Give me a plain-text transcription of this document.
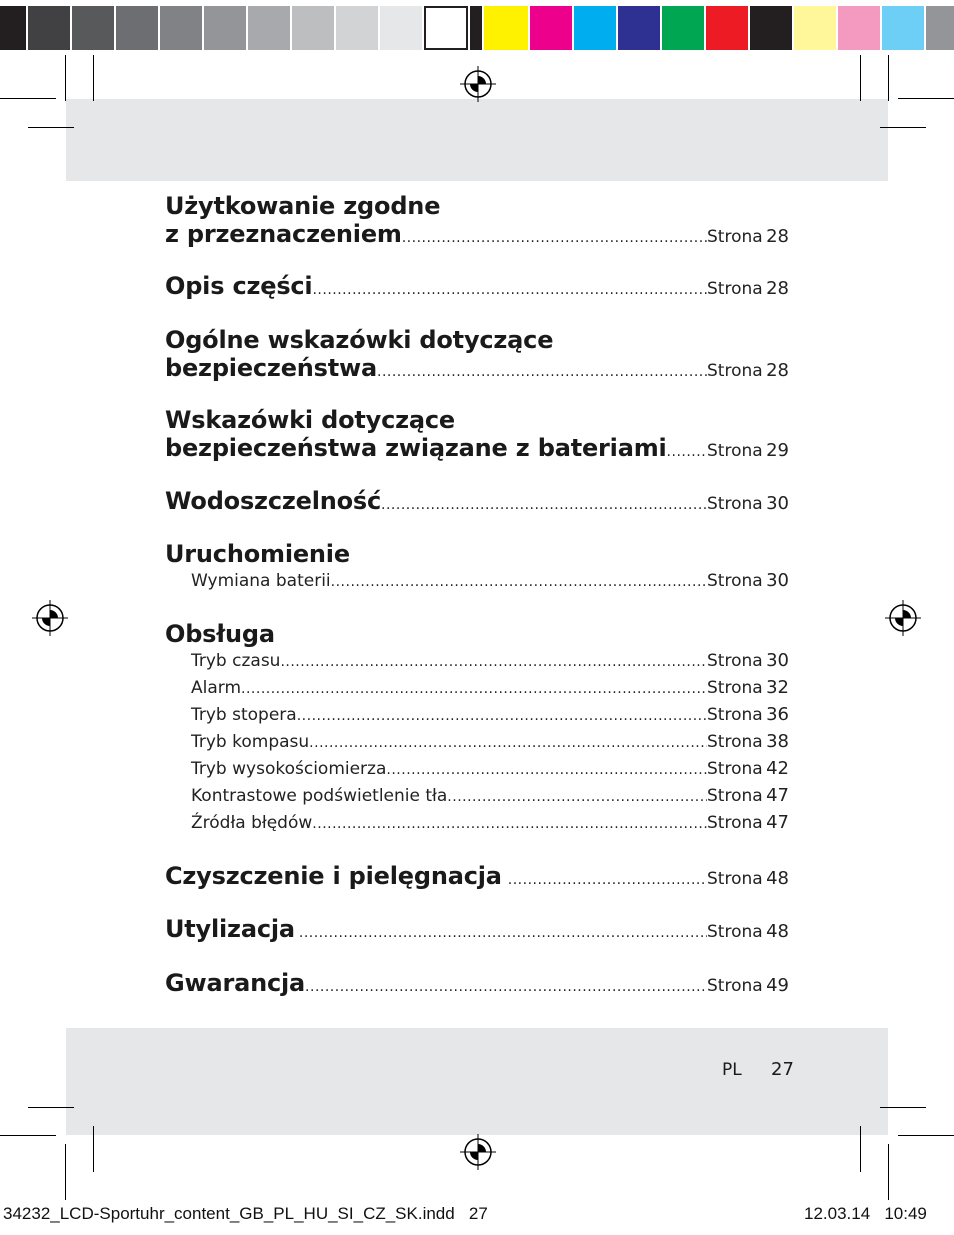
Użytkowanie zgodne
z przeznaczeniem .....	Strona 28
Opis części .....	Strona 28
Ogólne wskazówki dotyczące
bezpieczeństwa .....	Strona 28
Wskazówki dotyczące
bezpieczeństwa związane z bateriami ..... Strona 29
Wodoszczelność .....	Strona 30
Uruchomienie
Wymiana baterii .....	Strona 30
Obsługa
Tryb czasu .....	Strona 30
Alarm .....	Strona 32
Tryb stopera .....	Strona 36
Tryb kompasu .....	Strona 38
Tryb wysokościomierza .....	Strona 42
Kontrastowe podświetlenie tła .....	Strona 47
Źródła błędów .....	Strona 47
Czyszczenie i pielęgnacja .....	Strona 48
Utylizacja .....	Strona 48
Gwarancja .....	Strona 49
PL 27
34232_LCD-Sportuhr_content_GB_PL_HU_SI_CZ_SK.indd   27	12.03.14   10:49
